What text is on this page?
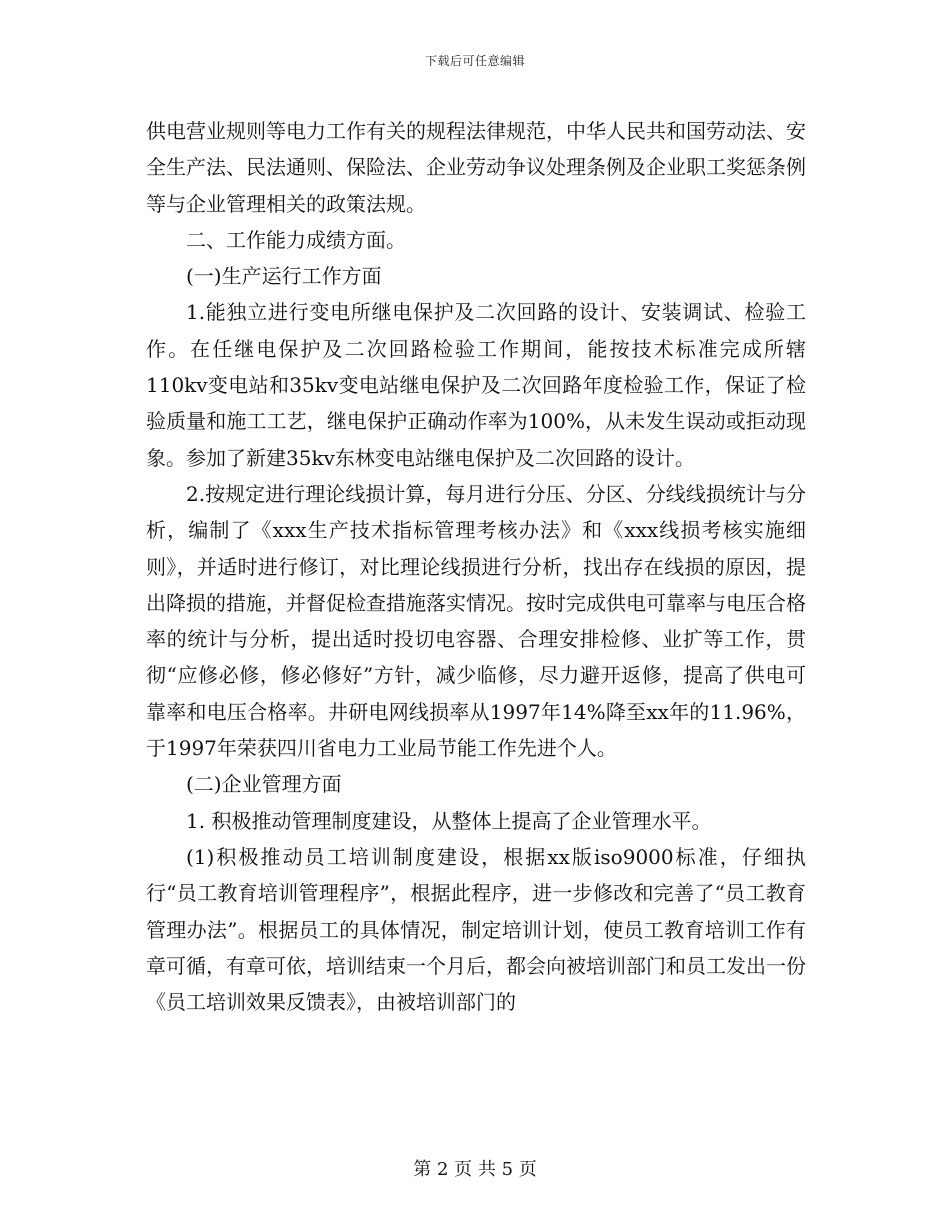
下载后可任意编辑

供电营业规则等电力工作有关的规程法律规范，中华人民共和国劳动法、安全生产法、民法通则、保险法、企业劳动争议处理条例及企业职工奖惩条例等与企业管理相关的政策法规。

二、工作能力成绩方面。

(一)生产运行工作方面

1.能独立进行变电所继电保护及二次回路的设计、安装调试、检验工作。在任继电保护及二次回路检验工作期间，能按技术标准完成所辖110kv变电站和35kv变电站继电保护及二次回路年度检验工作，保证了检验质量和施工工艺，继电保护正确动作率为100%，从未发生误动或拒动现象。参加了新建35kv东林变电站继电保护及二次回路的设计。

2.按规定进行理论线损计算，每月进行分压、分区、分线线损统计与分析，编制了《xxx生产技术指标管理考核办法》和《xxx线损考核实施细则》，并适时进行修订，对比理论线损进行分析，找出存在线损的原因，提出降损的措施，并督促检查措施落实情况。按时完成供电可靠率与电压合格率的统计与分析，提出适时投切电容器、合理安排检修、业扩等工作，贯彻“应修必修，修必修好”方针，减少临修，尽力避开返修，提高了供电可靠率和电压合格率。井研电网线损率从1997年14%降至xx年的11.96%，于1997年荣获四川省电力工业局节能工作先进个人。

(二)企业管理方面

1. 积极推动管理制度建设，从整体上提高了企业管理水平。

(1)积极推动员工培训制度建设，根据xx版iso9000标准，仔细执行“员工教育培训管理程序”，根据此程序，进一步修改和完善了“员工教育管理办法”。根据员工的具体情况，制定培训计划，使员工教育培训工作有章可循，有章可依，培训结束一个月后，都会向被培训部门和员工发出一份《员工培训效果反馈表》，由被培训部门的

第 2 页 共 5 页
